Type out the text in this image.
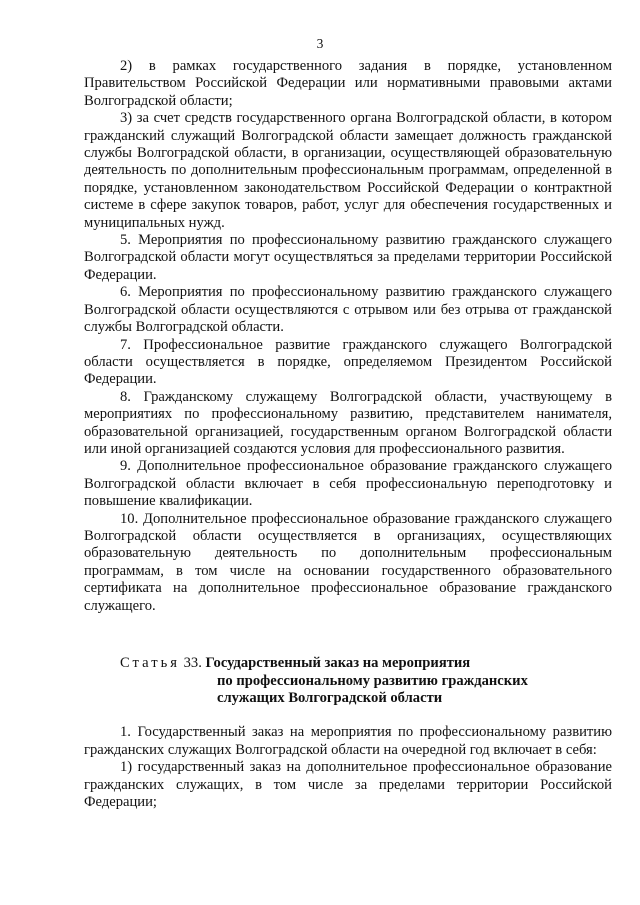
3

2) в рамках государственного задания в порядке, установленном Правительством Российской Федерации или нормативными правовыми актами Волгоградской области;

3) за счет средств государственного органа Волгоградской области, в котором гражданский служащий Волгоградской области замещает должность гражданской службы Волгоградской области, в организации, осуществляющей образовательную деятельность по дополнительным профессиональным программам, определенной в порядке, установленном законодательством Российской Федерации о контрактной системе в сфере закупок товаров, работ, услуг для обеспечения государственных и муниципальных нужд.

5. Мероприятия по профессиональному развитию гражданского служащего Волгоградской области могут осуществляться за пределами территории Российской Федерации.

6. Мероприятия по профессиональному развитию гражданского служащего Волгоградской области осуществляются с отрывом или без отрыва от гражданской службы Волгоградской области.

7. Профессиональное развитие гражданского служащего Волгоградской области осуществляется в порядке, определяемом Президентом Российской Федерации.

8. Гражданскому служащему Волгоградской области, участвующему в мероприятиях по профессиональному развитию, представителем нанимателя, образовательной организацией, государственным органом Волгоградской области или иной организацией создаются условия для профессионального развития.

9. Дополнительное профессиональное образование гражданского служащего Волгоградской области включает в себя профессиональную переподготовку и повышение квалификации.

10. Дополнительное профессиональное образование гражданского служащего Волгоградской области осуществляется в организациях, осуществляющих образовательную деятельность по дополнительным профессиональным программам, в том числе на основании государственного образовательного сертификата на дополнительное профессиональное образование гражданского служащего.

Статья 33. Государственный заказ на мероприятия
по профессиональному развитию гражданских
служащих Волгоградской области

1. Государственный заказ на мероприятия по профессиональному развитию гражданских служащих Волгоградской области на очередной год включает в себя:

1) государственный заказ на дополнительное профессиональное образование гражданских служащих, в том числе за пределами территории Российской Федерации;
